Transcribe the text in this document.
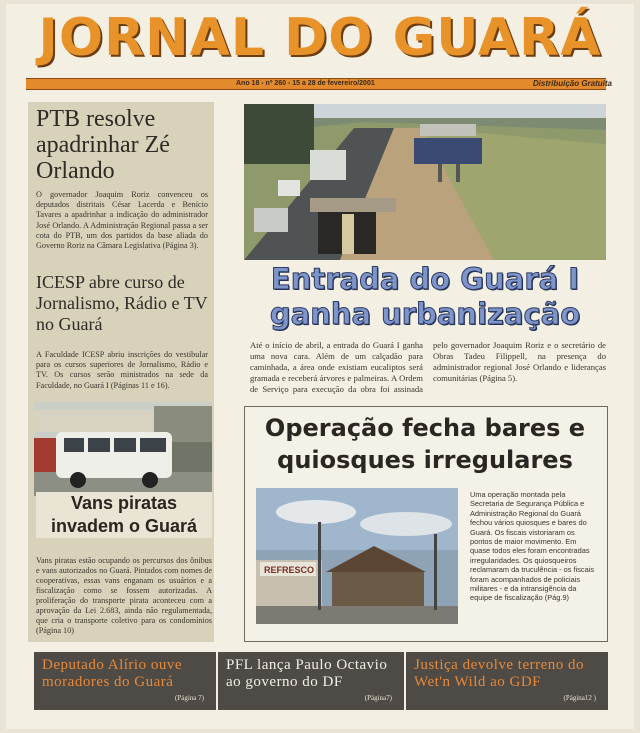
JORNAL DO GUARÁ
Ano 18 - nº 260 - 15 a 28 de fevereiro/2001	Distribuição Gratuita
PTB resolve apadrinhar Zé Orlando
O governador Joaquim Roriz convenceu os deputados distritais César Lacerda e Benício Tavares a apadrinhar a indicação do administrador José Orlando. A Administração Regional passa a ser cota do PTB, um dos partidos da base aliada do Governo Roriz na Câmara Legislativa (Página 3).
ICESP abre curso de Jornalismo, Rádio e TV no Guará
A Faculdade ICESP abriu inscrições do vestibular para os cursos superiores de Jornalismo, Rádio e TV. Os cursos serão ministrados na sede da Faculdade, no Guará I (Páginas 11 e 16).
Vans piratas invadem o Guará
Vans piratas estão ocupando os percursos dos ônibus e vans autorizados no Guará. Pintados com nomes de cooperativas, essas vans enganam os usuários e a fiscalização como se fossem autorizadas. A proliferação do transporte pirata aconteceu com a aprovação da Lei 2.683, ainda não regulamentada, que cria o transporte coletivo para os condomínios (Página 10)
Entrada do Guará I ganha urbanização
Até o início de abril, a entrada do Guará I ganha uma nova cara. Além de um calçadão para caminhada, a área onde existiam eucaliptos será gramada e receberá árvores e palmeiras. A Ordem de Serviço para execução da obra foi assinada pelo governador Joaquim Roriz e o secretário de Obras Tadeu Filippell, na presença do administrador regional José Orlando e lideranças comunitárias (Página 5).
Operação fecha bares e quiosques irregulares
REFRESCO
Uma operação montada pela Secretaria de Segurança Pública e Administração Regional do Guará fechou vários quiosques e bares do Guará. Os fiscais vistoriaram os pontos de maior movimento. Em quase todos eles foram encontradas irregularidades. Os quiosqueiros reclamaram da truculência - os fiscais foram acompanhados de policiais militares - e da intransigência da equipe de fiscalização (Pág.9)
Deputado Alírio ouve moradores do Guará
(Página 7)
PFL lança Paulo Octavio ao governo do DF
(Página7)
Justiça devolve terreno do Wet'n Wild ao GDF
(Página12 )
